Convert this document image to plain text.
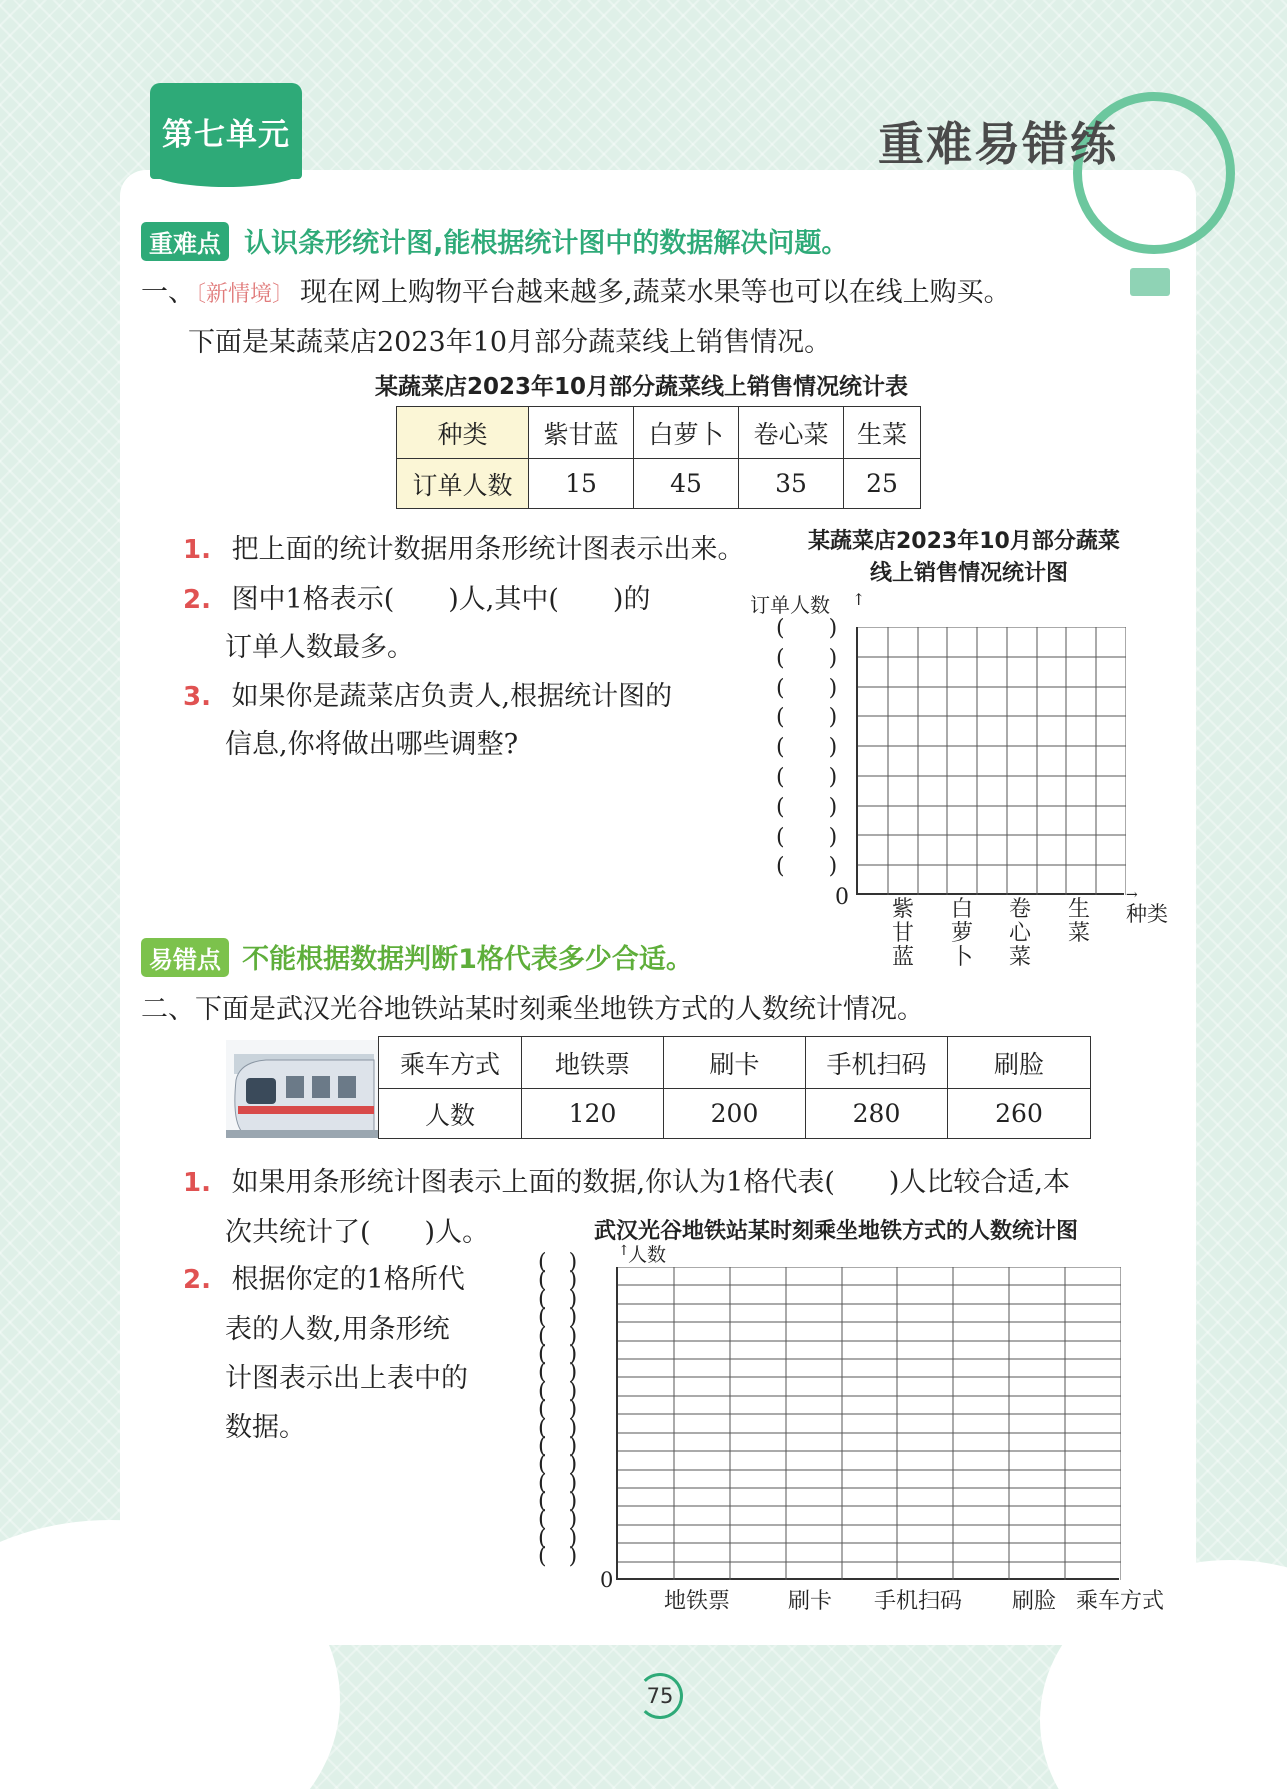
第七单元	重难易错练
重难点 认识条形统计图,能根据统计图中的数据解决问题。
一、〔新情境〕 现在网上购物平台越来越多,蔬菜水果等也可以在线上购买。
下面是某蔬菜店2023年10月部分蔬菜线上销售情况。
某蔬菜店2023年10月部分蔬菜线上销售情况统计表
种类	紫甘蓝	白萝卜	卷心菜	生菜
订单人数	15	45	35	25
1. 把上面的统计数据用条形统计图表示出来。
2. 图中1格表示(　　)人,其中(　　)的
订单人数最多。
3. 如果你是蔬菜店负责人,根据统计图的
信息,你将做出哪些调整?
某蔬菜店2023年10月部分蔬菜
线上销售情况统计图
订单人数 ↑
(　　)
(　　)
(　　)
(　　)
(　　)
(　　)
(　　)
(　　)
(　　)
0	→
种类
紫甘蓝
白萝卜
卷心菜
生菜
易错点 不能根据数据判断1格代表多少合适。
二、下面是武汉光谷地铁站某时刻乘坐地铁方式的人数统计情况。
乘车方式	地铁票	刷卡	手机扫码	刷脸
人数	120	200	280	260
1. 如果用条形统计图表示上面的数据,你认为1格代表(　　)人比较合适,本
次共统计了(　　)人。
2. 根据你定的1格所代
表的人数,用条形统
计图表示出上表中的
数据。
武汉光谷地铁站某时刻乘坐地铁方式的人数统计图
↑
人数
(　)
(　)
(　)
(　)
(　)
(　)
(　)
(　)
(　)
(　)
(　)
(　)
(　)
(　)
(　)
(　)
(　)
0
地铁票	刷卡 手机扫码 刷脸 乘车方式
75
